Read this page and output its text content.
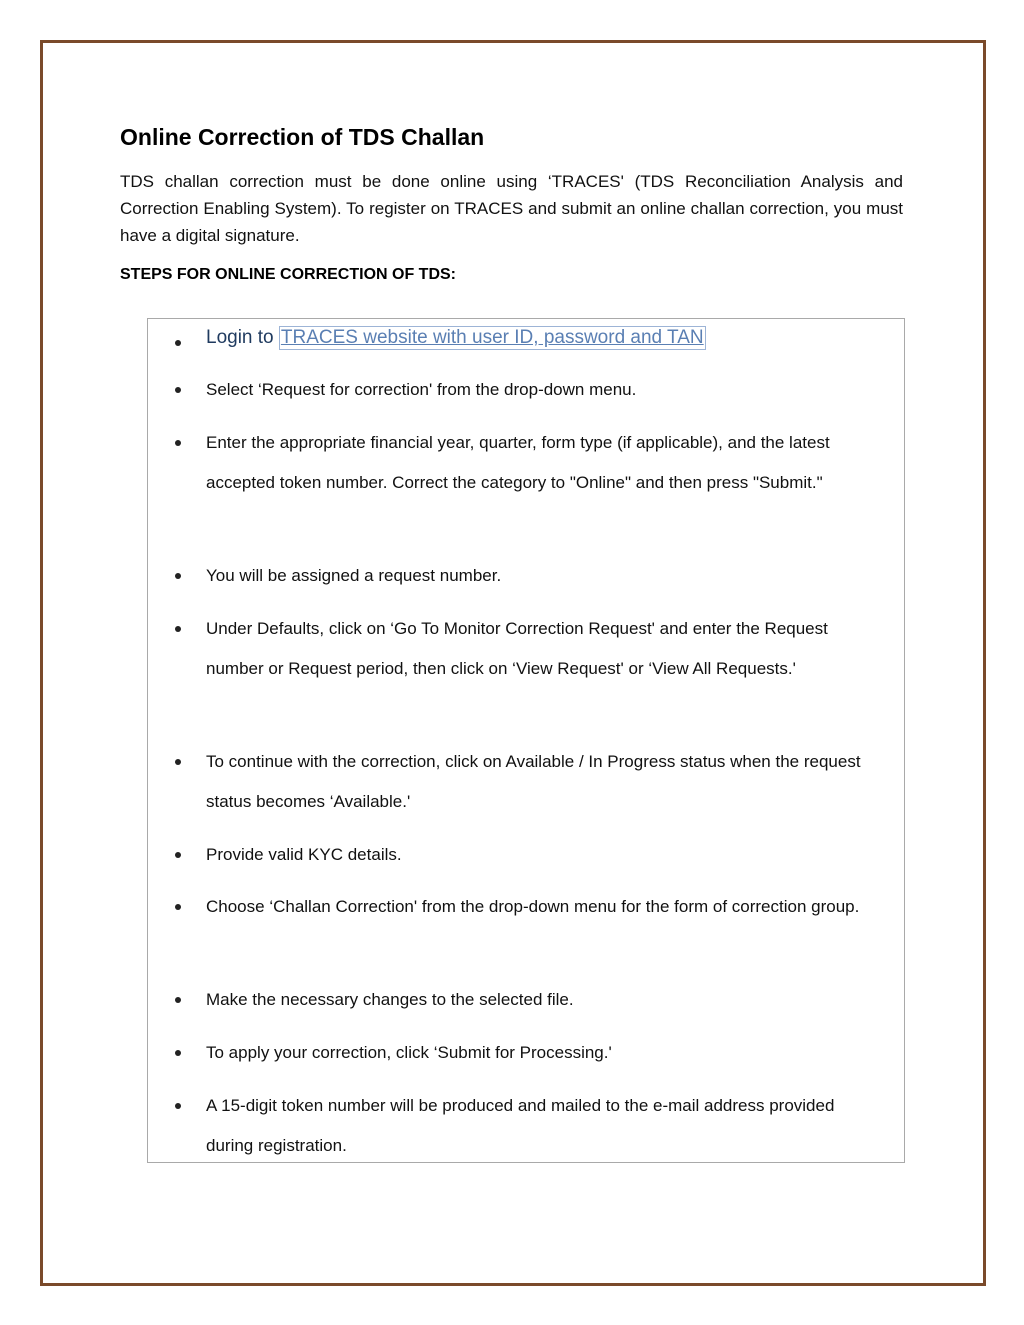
Online Correction of TDS Challan

TDS challan correction must be done online using ‘TRACES' (TDS Reconciliation Analysis and Correction Enabling System). To register on TRACES and submit an online challan correction, you must have a digital signature.

STEPS FOR ONLINE CORRECTION OF TDS:
Login to TRACES website with user ID, password and TAN
Select ‘Request for correction' from the drop-down menu.
Enter the appropriate financial year, quarter, form type (if applicable), and the latest accepted token number. Correct the category to "Online" and then press "Submit."
You will be assigned a request number.
Under Defaults, click on ‘Go To Monitor Correction Request' and enter the Request number or Request period, then click on ‘View Request' or ‘View All Requests.'
To continue with the correction, click on Available / In Progress status when the request status becomes ‘Available.'
Provide valid KYC details.
Choose ‘Challan Correction' from the drop-down menu for the form of correction group.
Make the necessary changes to the selected file.
To apply your correction, click ‘Submit for Processing.'
A 15-digit token number will be produced and mailed to the e-mail address provided during registration.
